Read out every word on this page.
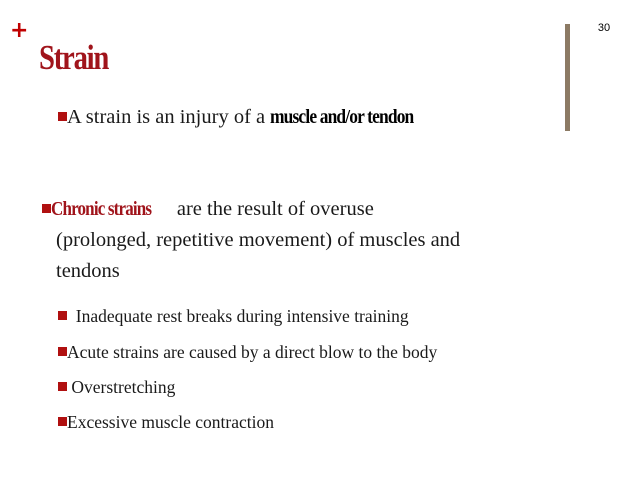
+
Strain
30
A strain is an injury of a muscle and/or tendon
Chronic strains are the result of overuse
(prolonged, repetitive movement) of muscles and
tendons
Inadequate rest breaks during intensive training
Acute strains are caused by a direct blow to the body
Overstretching
Excessive muscle contraction
